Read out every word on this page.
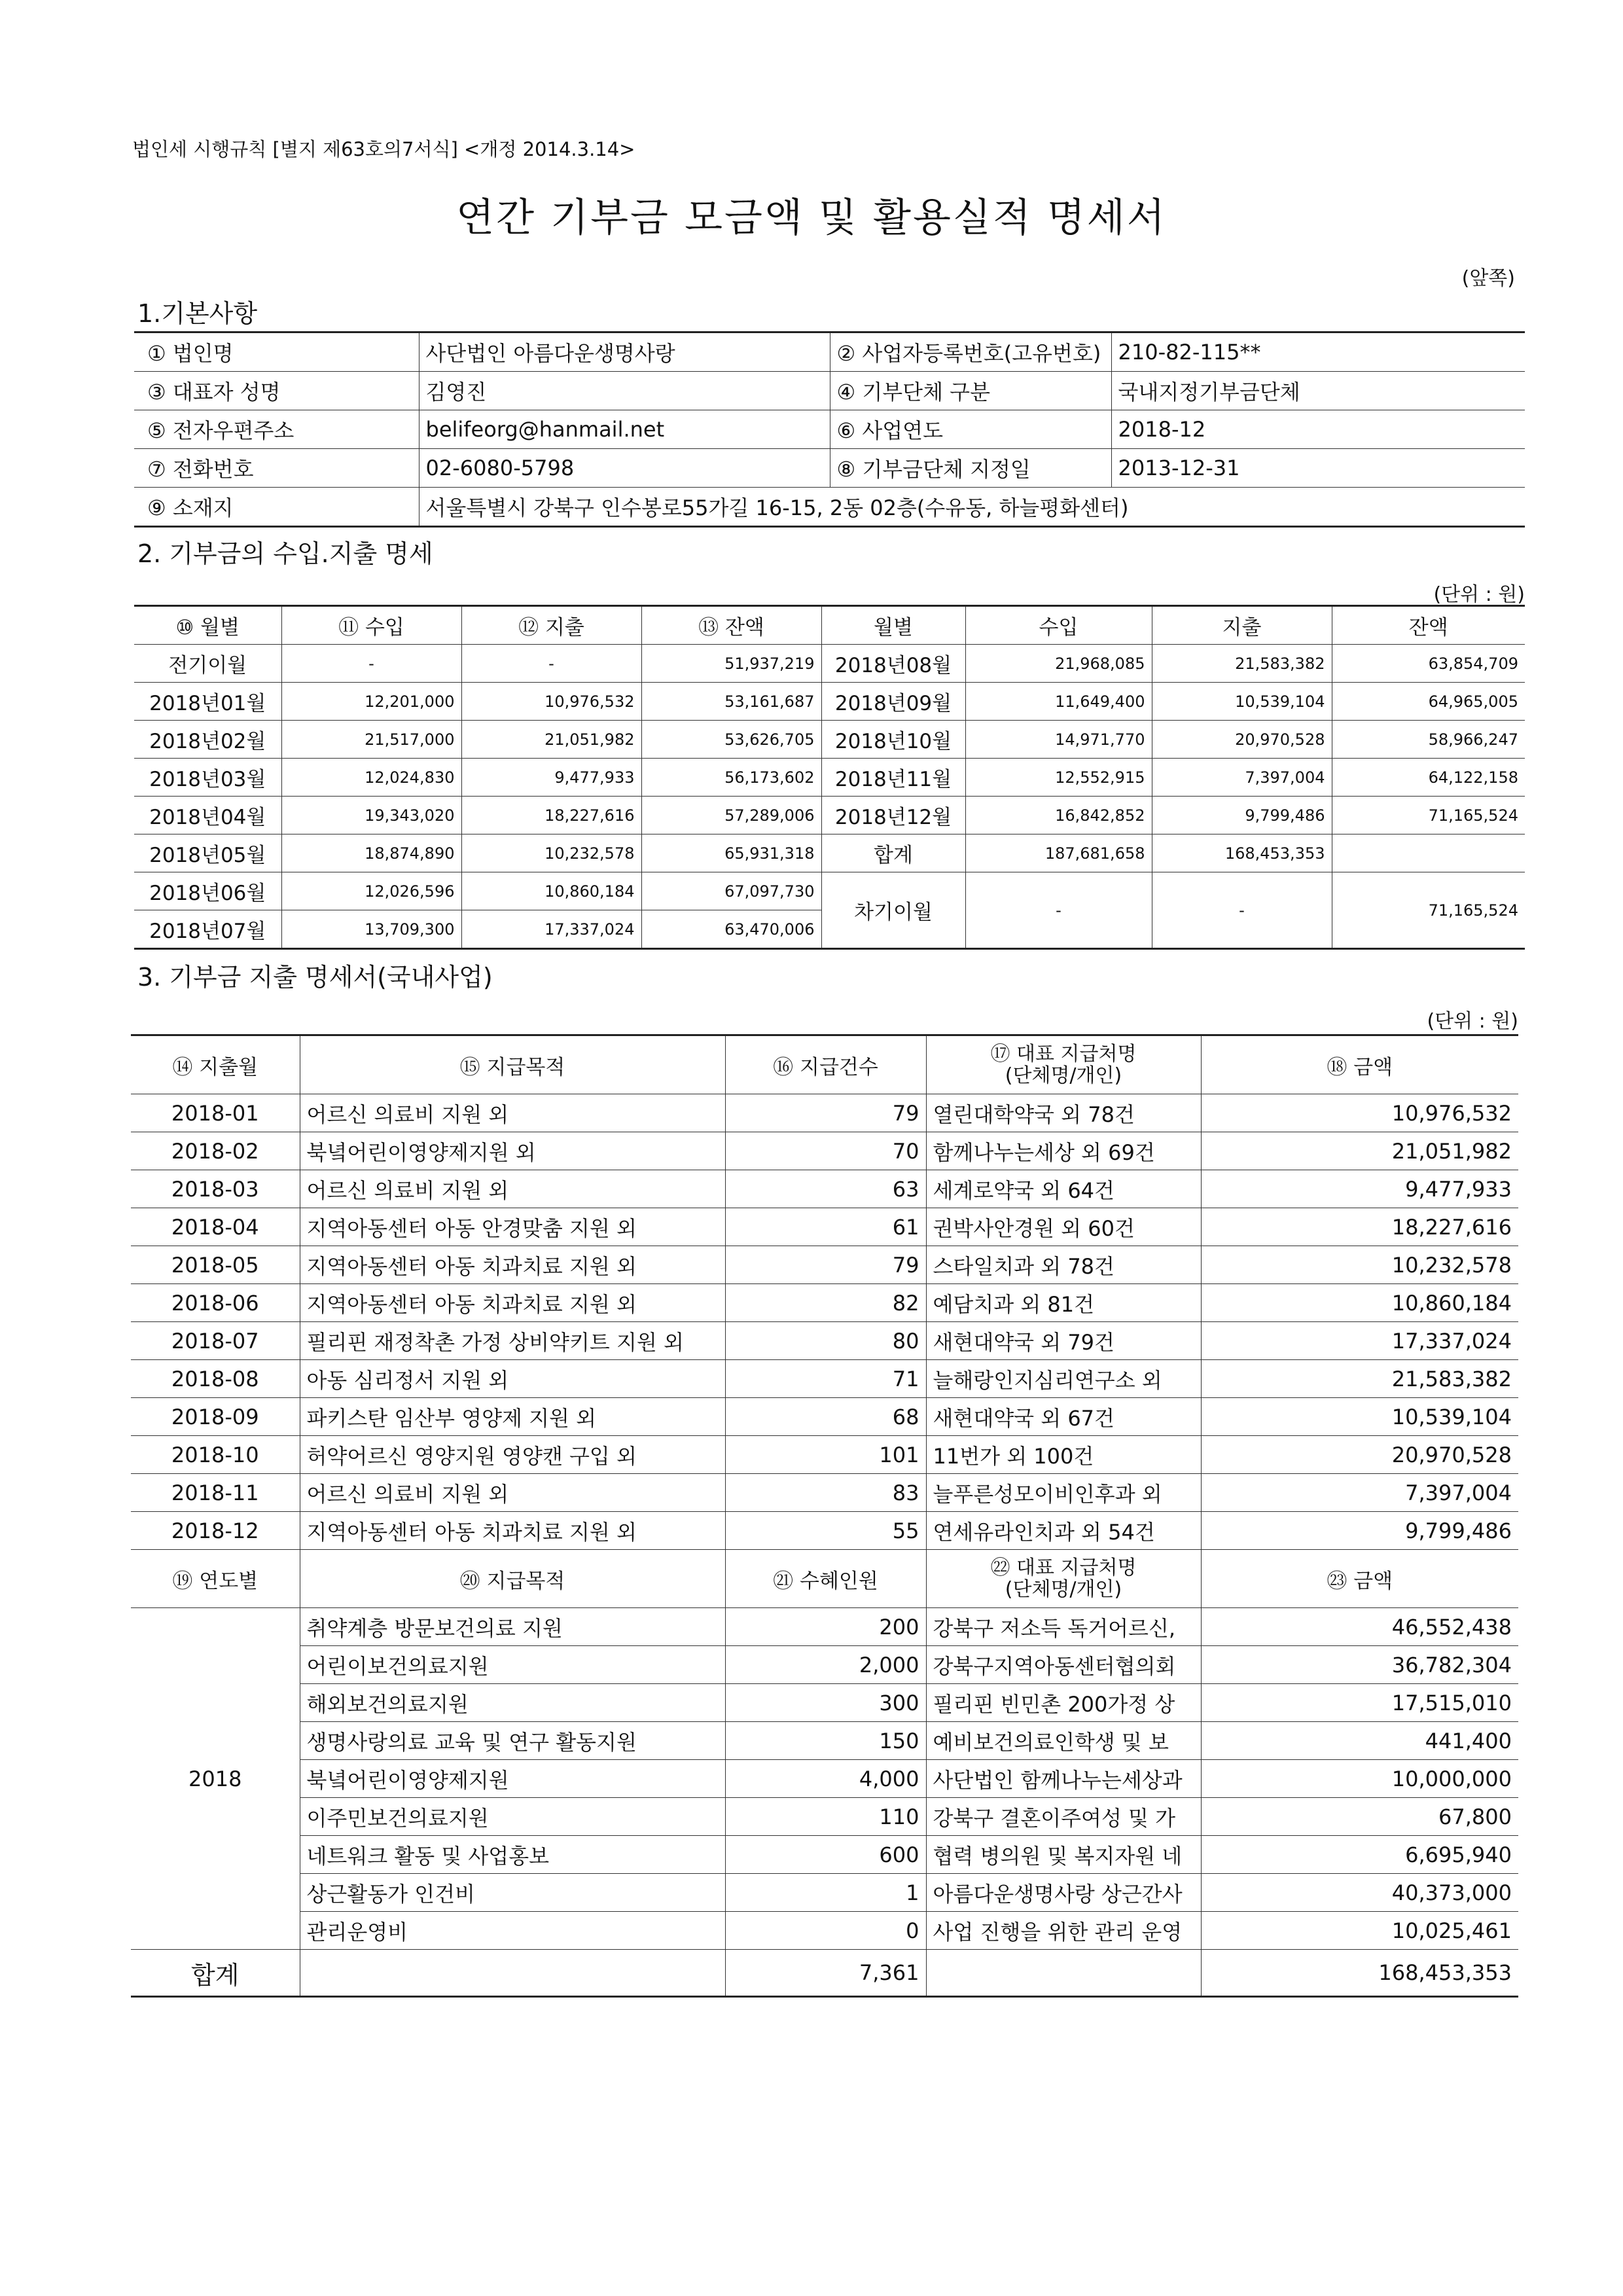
법인세 시행규칙 [별지 제63호의7서식] <개정 2014.3.14>
연간 기부금 모금액 및 활용실적 명세서
(앞쪽)
1.기본사항
① 법인명	사단법인 아름다운생명사랑	② 사업자등록번호(고유번호)	210-82-115**
③ 대표자 성명	김영진	④ 기부단체 구분	국내지정기부금단체
⑤ 전자우편주소	belifeorg@hanmail.net	⑥ 사업연도	2018-12
⑦ 전화번호	02-6080-5798	⑧ 기부금단체 지정일	2013-12-31
⑨ 소재지	서울특별시 강북구 인수봉로55가길 16-15, 2동 02층(수유동, 하늘평화센터)		
2. 기부금의 수입.지출 명세
(단위 : 원)
⑩ 월별	⑪ 수입	⑫ 지출	⑬ 잔액	월별	수입	지출	잔액
전기이월	-	-	51,937,219	2018년08월	21,968,085	21,583,382	63,854,709
2018년01월	12,201,000	10,976,532	53,161,687	2018년09월	11,649,400	10,539,104	64,965,005
2018년02월	21,517,000	21,051,982	53,626,705	2018년10월	14,971,770	20,970,528	58,966,247
2018년03월	12,024,830	9,477,933	56,173,602	2018년11월	12,552,915	7,397,004	64,122,158
2018년04월	19,343,020	18,227,616	57,289,006	2018년12월	16,842,852	9,799,486	71,165,524
2018년05월	18,874,890	10,232,578	65,931,318	합계	187,681,658	168,453,353	
2018년06월	12,026,596	10,860,184	67,097,730	차기이월	-	-	71,165,524
2018년07월	13,709,300	17,337,024	63,470,006				
3. 기부금 지출 명세서(국내사업)
(단위 : 원)
⑭ 지출월	⑮ 지급목적	⑯ 지급건수	⑰ 대표 지급처명
(단체명/개인)	⑱ 금액
2018-01	어르신 의료비 지원 외	79	열린대학약국 외 78건	10,976,532
2018-02	북녘어린이영양제지원 외	70	함께나누는세상 외 69건	21,051,982
2018-03	어르신 의료비 지원 외	63	세계로약국 외 64건	9,477,933
2018-04	지역아동센터 아동 안경맞춤 지원 외	61	권박사안경원 외 60건	18,227,616
2018-05	지역아동센터 아동 치과치료 지원 외	79	스타일치과 외 78건	10,232,578
2018-06	지역아동센터 아동 치과치료 지원 외	82	예담치과 외 81건	10,860,184
2018-07	필리핀 재정착촌 가정 상비약키트 지원 외	80	새현대약국 외 79건	17,337,024
2018-08	아동 심리정서 지원 외	71	늘해랑인지심리연구소 외	21,583,382
2018-09	파키스탄 임산부 영양제 지원 외	68	새현대약국 외 67건	10,539,104
2018-10	허약어르신 영양지원 영양캔 구입 외	101	11번가 외 100건	20,970,528
2018-11	어르신 의료비 지원 외	83	늘푸른성모이비인후과 외	7,397,004
2018-12	지역아동센터 아동 치과치료 지원 외	55	연세유라인치과 외 54건	9,799,486
⑲ 연도별	⑳ 지급목적	㉑ 수혜인원	㉒ 대표 지급처명
(단체명/개인)	㉓ 금액
2018	취약계층 방문보건의료 지원	200	강북구 저소득 독거어르신,	46,552,438
	어린이보건의료지원	2,000	강북구지역아동센터협의회	36,782,304
	해외보건의료지원	300	필리핀 빈민촌 200가정 상	17,515,010
	생명사랑의료 교육 및 연구 활동지원	150	예비보건의료인학생 및 보	441,400
	북녘어린이영양제지원	4,000	사단법인 함께나누는세상과	10,000,000
	이주민보건의료지원	110	강북구 결혼이주여성 및 가	67,800
	네트워크 활동 및 사업홍보	600	협력 병의원 및 복지자원 네	6,695,940
	상근활동가 인건비	1	아름다운생명사랑 상근간사	40,373,000
	관리운영비	0	사업 진행을 위한 관리 운영	10,025,461
합계		7,361		168,453,353
